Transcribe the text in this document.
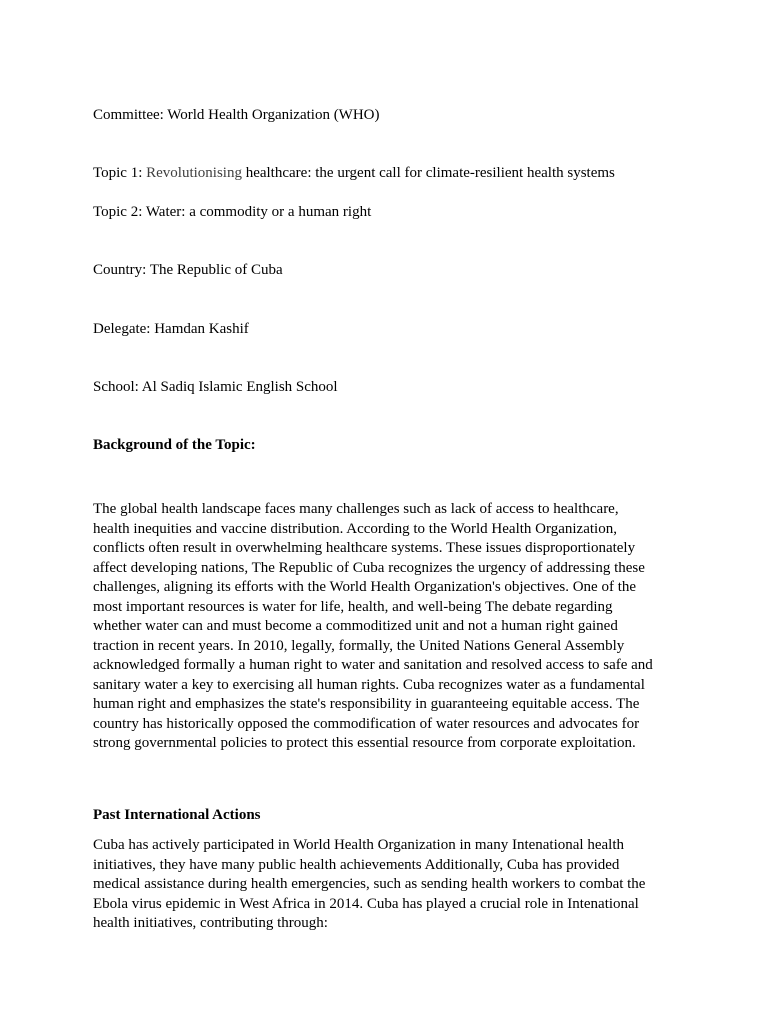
Committee: World Health Organization (WHO)

Topic 1: Revolutionising healthcare: the urgent call for climate-resilient health systems

Topic 2: Water: a commodity or a human right

Country: The Republic of Cuba

Delegate: Hamdan Kashif

School: Al Sadiq Islamic English School

Background of the Topic:

The global health landscape faces many challenges such as lack of access to healthcare,
health inequities and vaccine distribution. According to the World Health Organization,
conflicts often result in overwhelming healthcare systems. These issues disproportionately
affect developing nations, The Republic of Cuba recognizes the urgency of addressing these
challenges, aligning its efforts with the World Health Organization's objectives. One of the
most important resources is water for life, health, and well-being The debate regarding
whether water can and must become a commoditized unit and not a human right gained
traction in recent years. In 2010, legally, formally, the United Nations General Assembly
acknowledged formally a human right to water and sanitation and resolved access to safe and
sanitary water a key to exercising all human rights. Cuba recognizes water as a fundamental
human right and emphasizes the state's responsibility in guaranteeing equitable access. The
country has historically opposed the commodification of water resources and advocates for
strong governmental policies to protect this essential resource from corporate exploitation.

Past International Actions

Cuba has actively participated in World Health Organization in many Intenational health
initiatives, they have many public health achievements Additionally, Cuba has provided
medical assistance during health emergencies, such as sending health workers to combat the
Ebola virus epidemic in West Africa in 2014. Cuba has played a crucial role in Intenational
health initiatives, contributing through:
